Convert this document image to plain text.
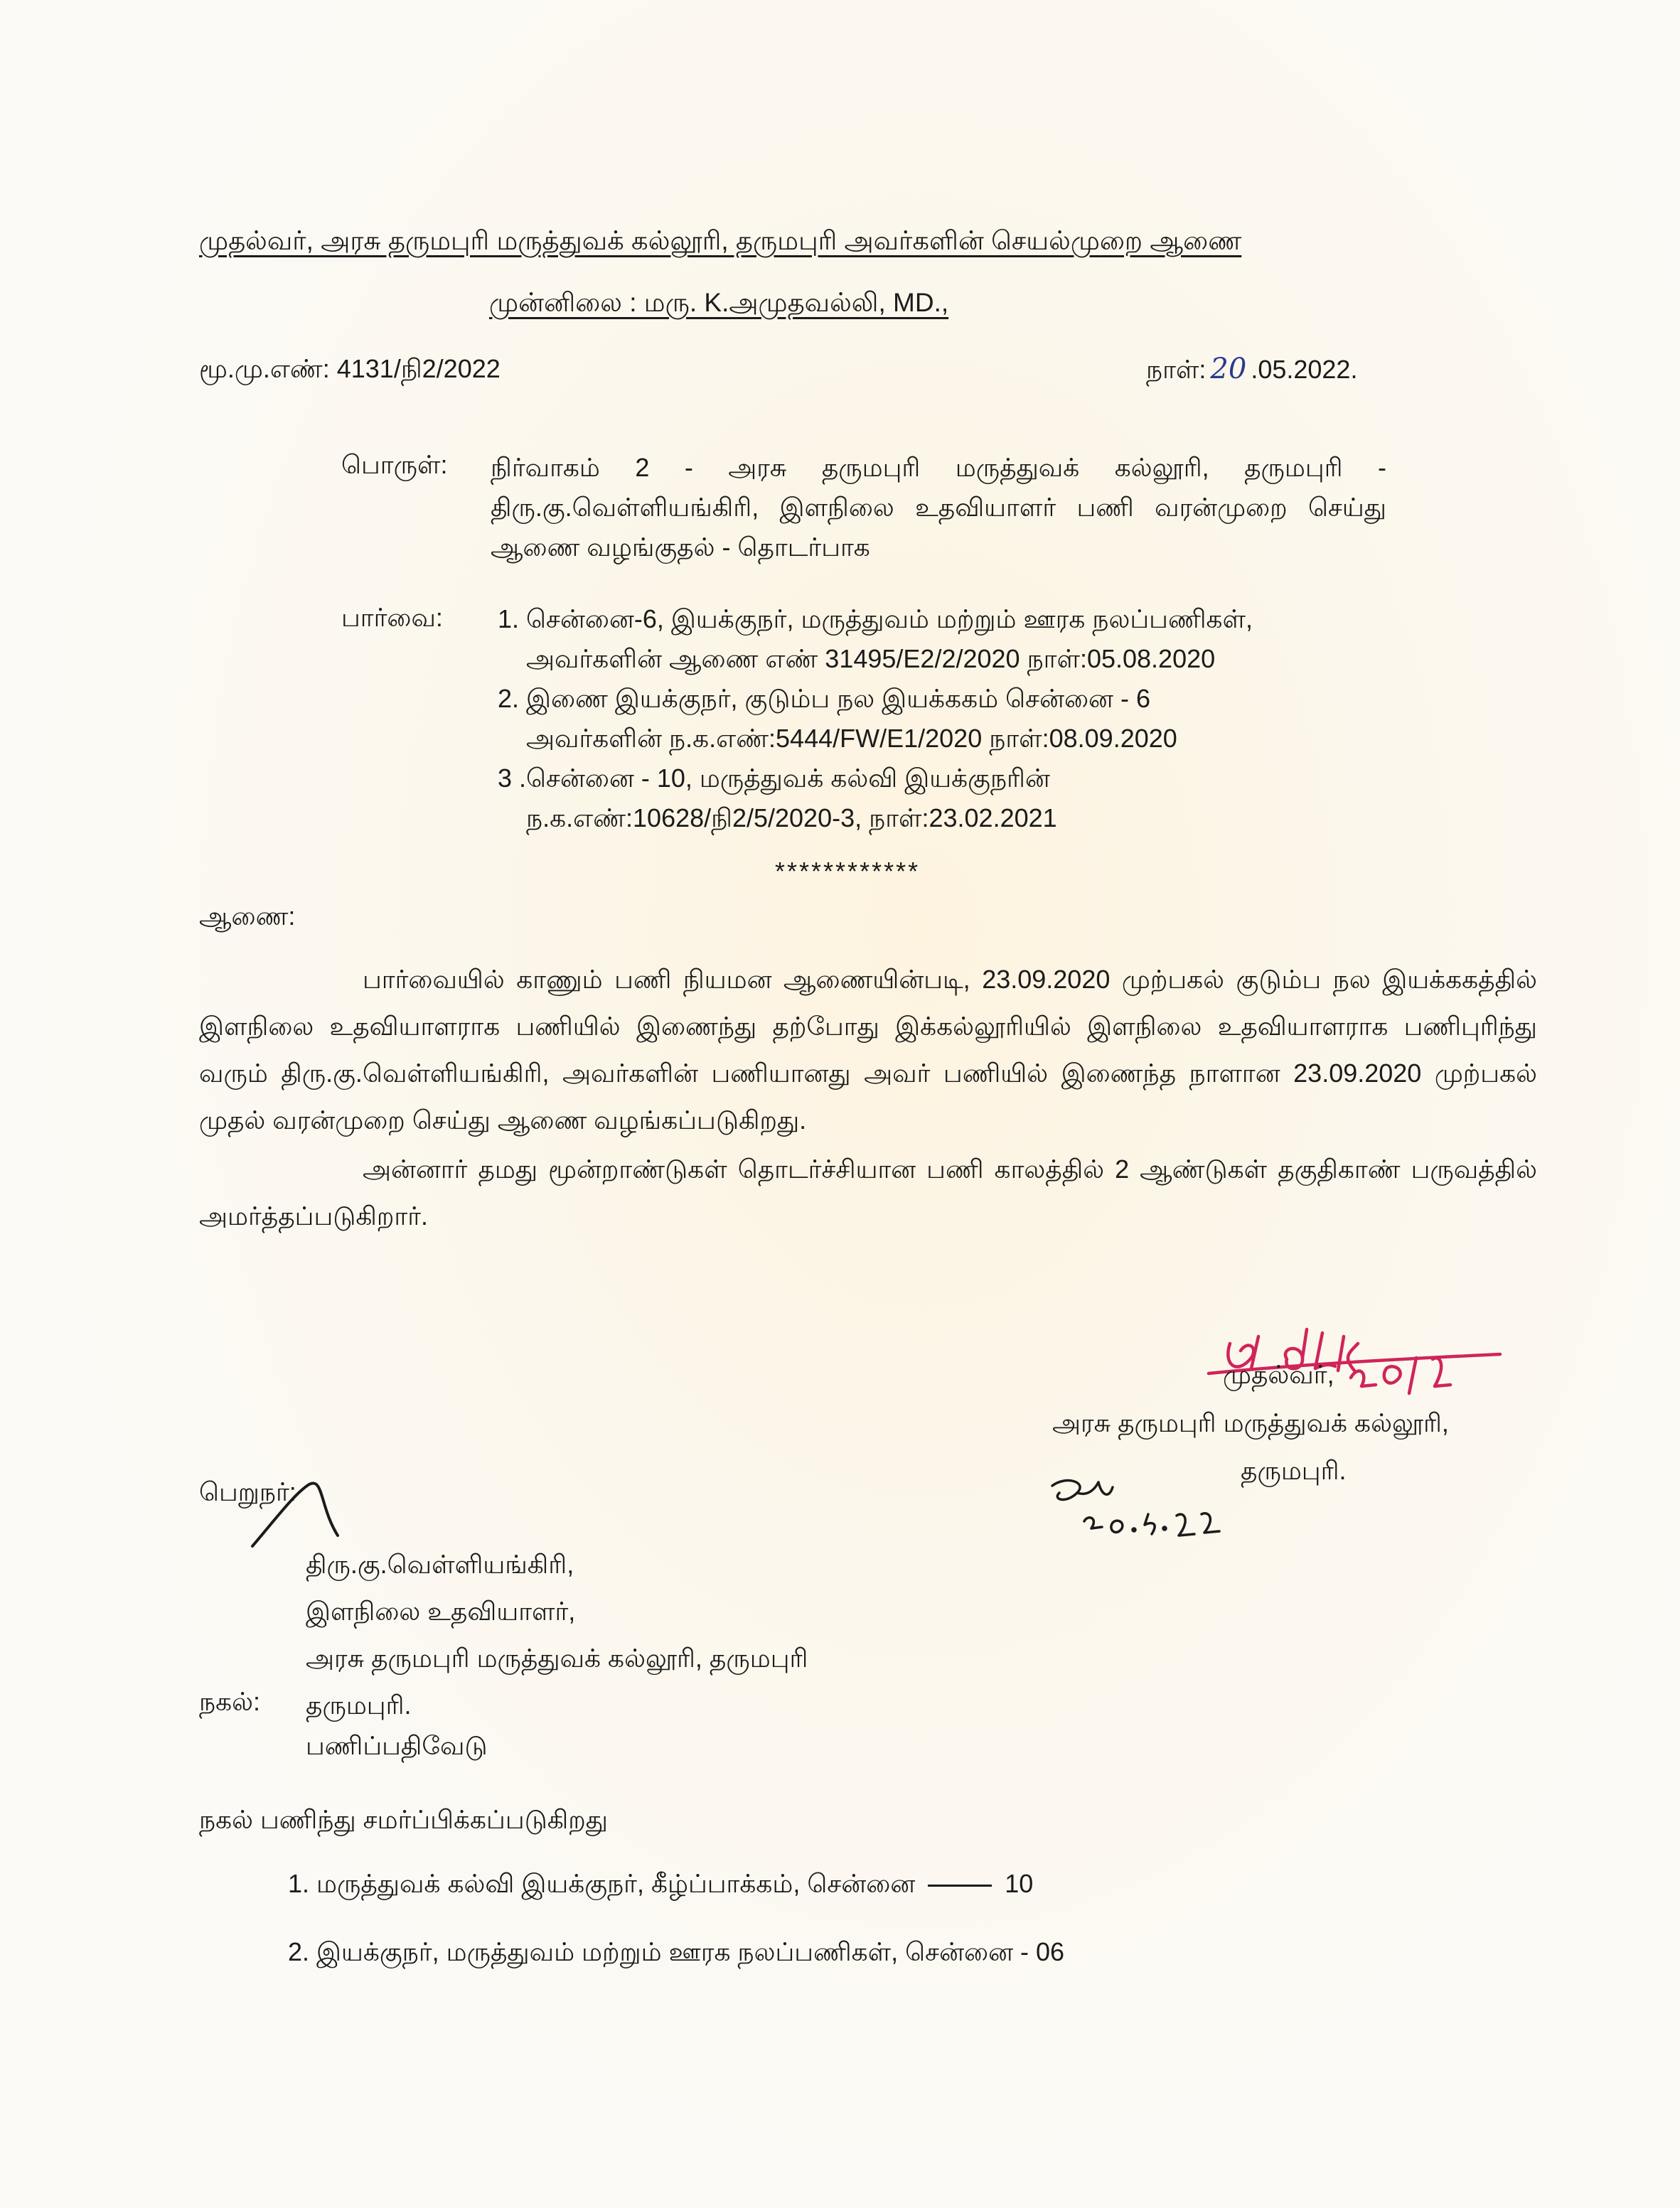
முதல்வர், அரசு தருமபுரி மருத்துவக் கல்லூரி, தருமபுரி அவர்களின் செயல்முறை ஆணை
முன்னிலை : மரு. K.அமுதவல்லி, MD.,
மூ.மு.எண்: 4131/நி2/2022	நாள்: 20 .05.2022.
பொருள்: நிர்வாகம் 2 - அரசு தருமபுரி மருத்துவக் கல்லூரி, தருமபுரி - திரு.கு.வெள்ளியங்கிரி, இளநிலை உதவியாளர் பணி வரன்முறை செய்து ஆணை வழங்குதல் - தொடர்பாக
பார்வை: 1. சென்னை-6, இயக்குநர், மருத்துவம் மற்றும் ஊரக நலப்பணிகள்,
அவர்களின் ஆணை எண் 31495/E2/2/2020 நாள்:05.08.2020
2. இணை இயக்குநர், குடும்ப நல இயக்ககம் சென்னை - 6
அவர்களின் ந.க.எண்:5444/FW/E1/2020 நாள்:08.09.2020
3 .சென்னை - 10, மருத்துவக் கல்வி இயக்குநரின்
ந.க.எண்:10628/நி2/5/2020-3, நாள்:23.02.2021
************
ஆணை:

பார்வையில் காணும் பணி நியமன ஆணையின்படி, 23.09.2020 முற்பகல் குடும்ப நல இயக்ககத்தில் இளநிலை உதவியாளராக பணியில் இணைந்து தற்போது இக்கல்லூரியில் இளநிலை உதவியாளராக பணிபுரிந்து வரும் திரு.கு.வெள்ளியங்கிரி, அவர்களின் பணியானது அவர் பணியில் இணைந்த நாளான 23.09.2020 முற்பகல் முதல் வரன்முறை செய்து ஆணை வழங்கப்படுகிறது.

அன்னார் தமது மூன்றாண்டுகள் தொடர்ச்சியான பணி காலத்தில் 2 ஆண்டுகள் தகுதிகாண் பருவத்தில் அமர்த்தப்படுகிறார்.

முதல்வர்,
அரசு தருமபுரி மருத்துவக் கல்லூரி,
தருமபுரி.
பெறுநர்:
திரு.கு.வெள்ளியங்கிரி,
இளநிலை உதவியாளர்,
அரசு தருமபுரி மருத்துவக் கல்லூரி, தருமபுரி
தருமபுரி.
நகல்:
பணிப்பதிவேடு
நகல் பணிந்து சமர்ப்பிக்கப்படுகிறது
1. மருத்துவக் கல்வி இயக்குநர், கீழ்ப்பாக்கம், சென்னை	10
2. இயக்குநர், மருத்துவம் மற்றும் ஊரக நலப்பணிகள், சென்னை - 06
